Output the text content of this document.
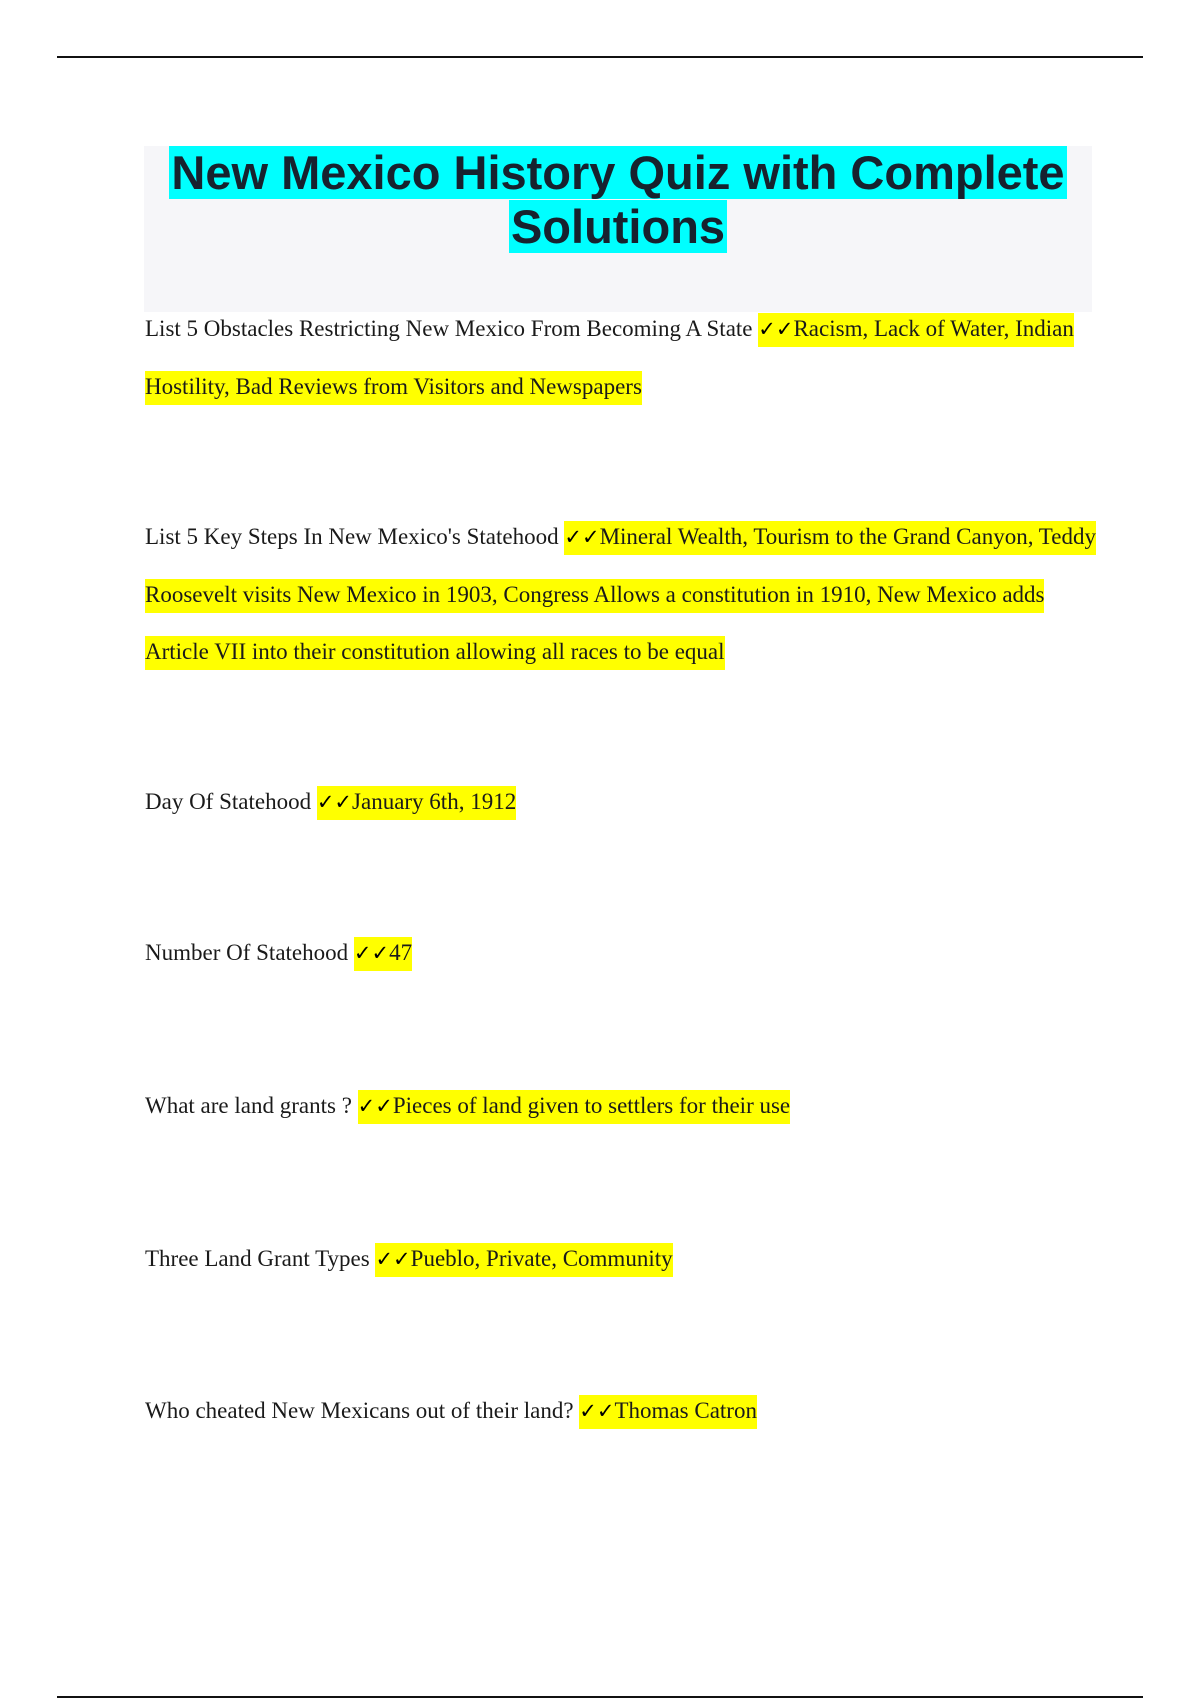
New Mexico History Quiz with Complete
Solutions

List 5 Obstacles Restricting New Mexico From Becoming A State ✓✓Racism, Lack of Water, Indian Hostility, Bad Reviews from Visitors and Newspapers

List 5 Key Steps In New Mexico's Statehood ✓✓Mineral Wealth, Tourism to the Grand Canyon, Teddy Roosevelt visits New Mexico in 1903, Congress Allows a constitution in 1910, New Mexico adds Article VII into their constitution allowing all races to be equal

Day Of Statehood ✓✓January 6th, 1912

Number Of Statehood ✓✓47

What are land grants ? ✓✓Pieces of land given to settlers for their use

Three Land Grant Types ✓✓Pueblo, Private, Community

Who cheated New Mexicans out of their land? ✓✓Thomas Catron
